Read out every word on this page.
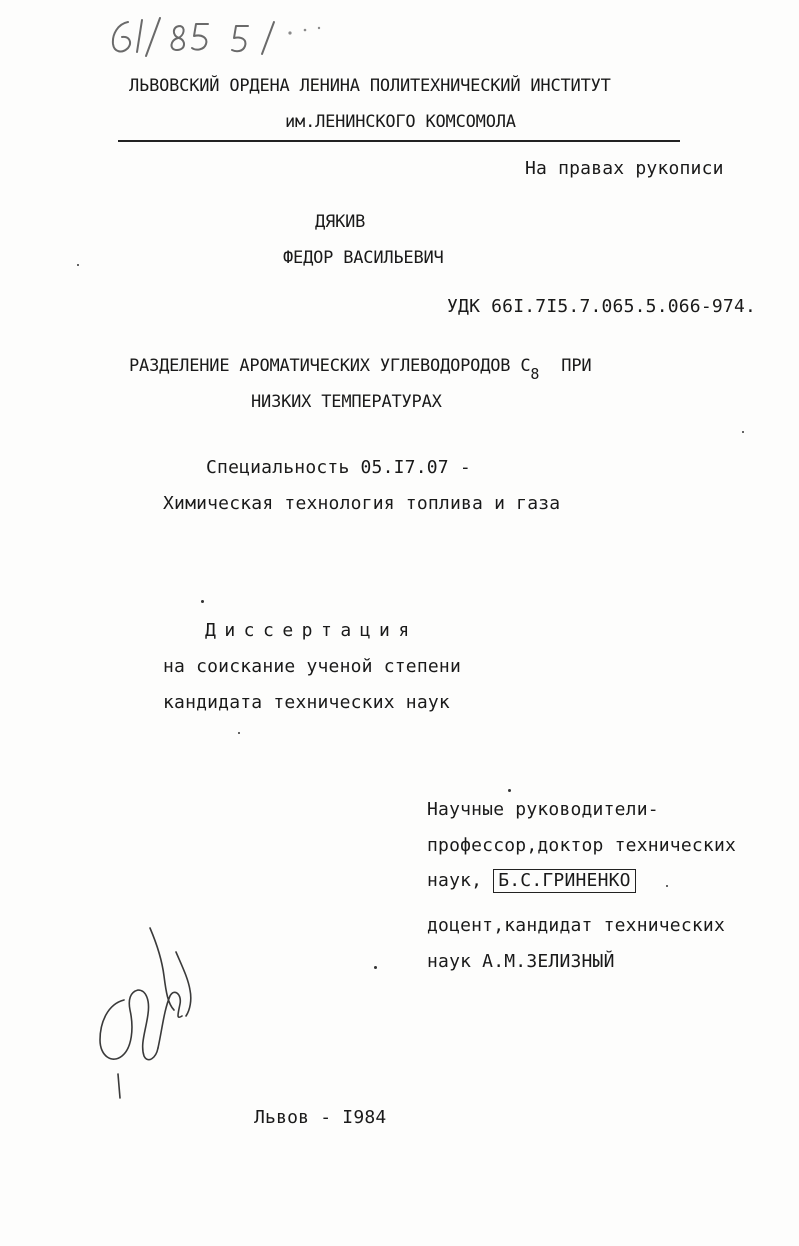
ЛЬВОВСКИЙ ОРДЕНА ЛЕНИНА ПОЛИТЕХНИЧЕСКИЙ ИНСТИТУТ
им.ЛЕНИНСКОГО КОМСОМОЛА
На правах рукописи
ДЯКИВ
ФЕДОР ВАСИЛЬЕВИЧ
УДК 66I.7I5.7.065.5.066-974.
РАЗДЕЛЕНИЕ АРОМАТИЧЕСКИХ УГЛЕВОДОРОДОВ С8 ПРИ
НИЗКИХ ТЕМПЕРАТУРАХ
Специальность 05.I7.07 -
Химическая технология топлива и газа
Диссертация
на соискание ученой степени
кандидата технических наук
Научные руководители-
профессор,доктор технических
наук, Б.С.ГРИНЕНКО
доцент,кандидат технических
наук А.М.ЗЕЛИЗНЫЙ
Львов - I984
